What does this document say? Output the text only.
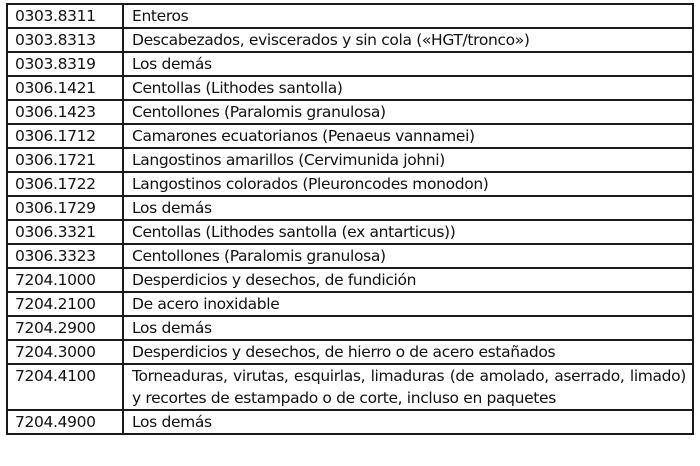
0303.8311	Enteros
0303.8313	Descabezados, eviscerados y sin cola («HGT/tronco»)
0303.8319	Los demás
0306.1421	Centollas (Lithodes santolla)
0306.1423	Centollones (Paralomis granulosa)
0306.1712	Camarones ecuatorianos (Penaeus vannamei)
0306.1721	Langostinos amarillos (Cervimunida johni)
0306.1722	Langostinos colorados (Pleuroncodes monodon)
0306.1729	Los demás
0306.3321	Centollas (Lithodes santolla (ex antarticus))
0306.3323	Centollones (Paralomis granulosa)
7204.1000	Desperdicios y desechos, de fundición
7204.2100	De acero inoxidable
7204.2900	Los demás
7204.3000	Desperdicios y desechos, de hierro o de acero estañados
7204.4100	Torneaduras, virutas, esquirlas, limaduras (de amolado, aserrado, limado) y recortes de estampado o de corte, incluso en paquetes
7204.4900	Los demás
